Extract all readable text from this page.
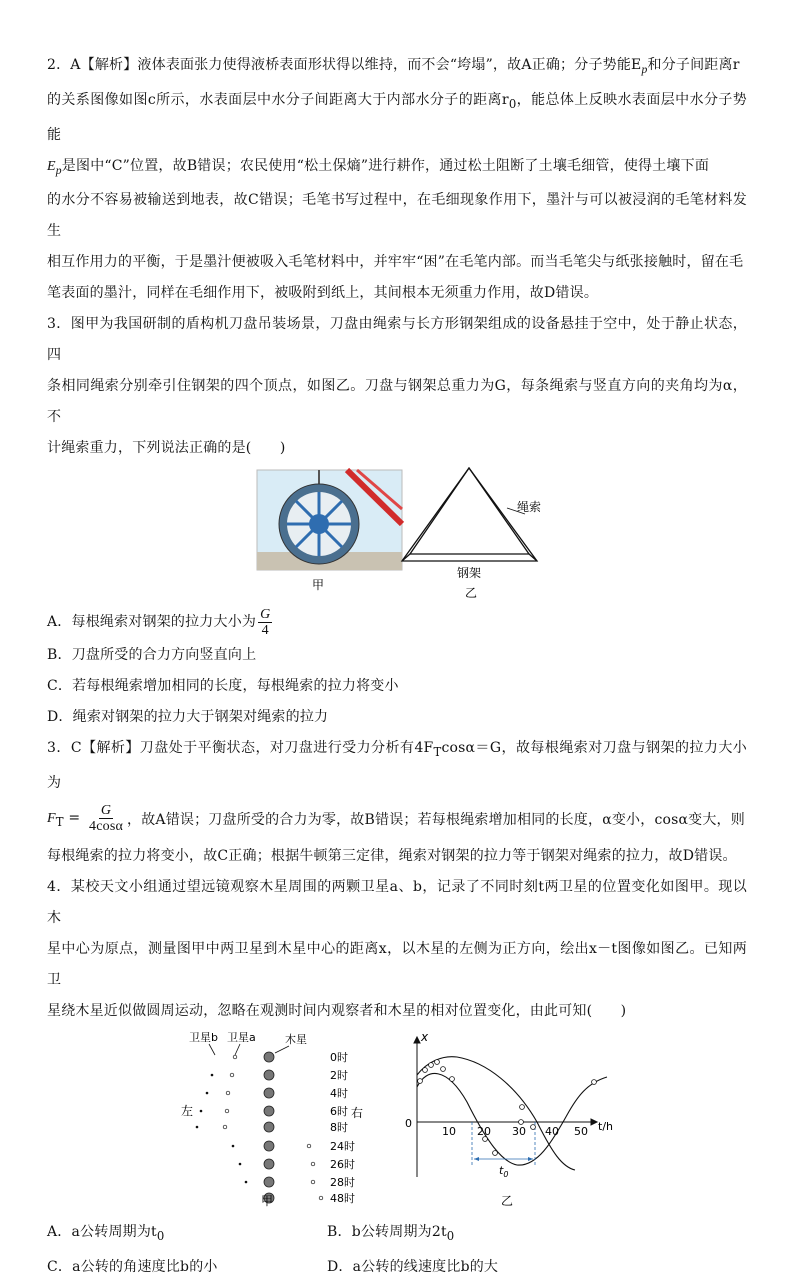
2．A【解析】液体表面张力使得液桥表面形状得以维持，而不会“垮塌”，故A正确；分子势能$E_p$和分子间距离r

的关系图像如图c所示，水表面层中水分子间距离大于内部水分子的距离$r_0$，能总体上反映水表面层中水分子势能

$E_p$是图中“C”位置，故B错误；农民使用“松土保熵”进行耕作，通过松土阻断了土壤毛细管，使得土壤下面

的水分不容易被输送到地表，故C错误；毛笔书写过程中，在毛细现象作用下，墨汁与可以被浸润的毛笔材料发生

相互作用力的平衡，于是墨汁便被吸入毛笔材料中，并牢牢“困”在毛笔内部。而当毛笔尖与纸张接触时，留在毛

笔表面的墨汁，同样在毛细作用下，被吸附到纸上，其间根本无须重力作用，故D错误。

3．图甲为我国研制的盾构机刀盘吊装场景，刀盘由绳索与长方形钢架组成的设备悬挂于空中，处于静止状态，四

条相同绳索分别牵引住钢架的四个顶点，如图乙。刀盘与钢架总重力为G，每条绳索与竖直方向的夹角均为α，不

计绳索重力，下列说法正确的是(　　)

甲
绳索
钢架
乙

A．每根绳索对钢架的拉力大小为 $\frac{G}{4}$

B．刀盘所受的合力方向竖直向上

C．若每根绳索增加相同的长度，每根绳索的拉力将变小

D．绳索对钢架的拉力大于钢架对绳索的拉力

3．C【解析】刀盘处于平衡状态，对刀盘进行受力分析有$4F_T\cos\alpha=G$，故每根绳索对刀盘与钢架的拉力大小为

$F_T = \frac{G}{4\cos\alpha}$ ，故A错误；刀盘所受的合力为零，故B错误；若每根绳索增加相同的长度，α变小，cosα变大，则

每根绳索的拉力将变小，故C正确；根据牛顿第三定律，绳索对钢架的拉力等于钢架对绳索的拉力，故D错误。

4．某校天文小组通过望远镜观察木星周围的两颗卫星a、b，记录了不同时刻t两卫星的位置变化如图甲。现以木

星中心为原点，测量图甲中两卫星到木星中心的距离x，以木星的左侧为正方向，绘出x－t图像如图乙。已知两卫

星绕木星近似做圆周运动，忽略在观测时间内观察者和木星的相对位置变化，由此可知(　　)

卫星b 卫星a	木星
左	右
0时
2时
4时
6时
8时
24时
26时
28时
48时
甲
x
t/h
0
10 20 30 40 50
$t_0$
乙
A．a公转周期为$t_0$	B．b公转周期为$2t_0$
C．a公转的角速度比b的小	D．a公转的线速度比b的大
